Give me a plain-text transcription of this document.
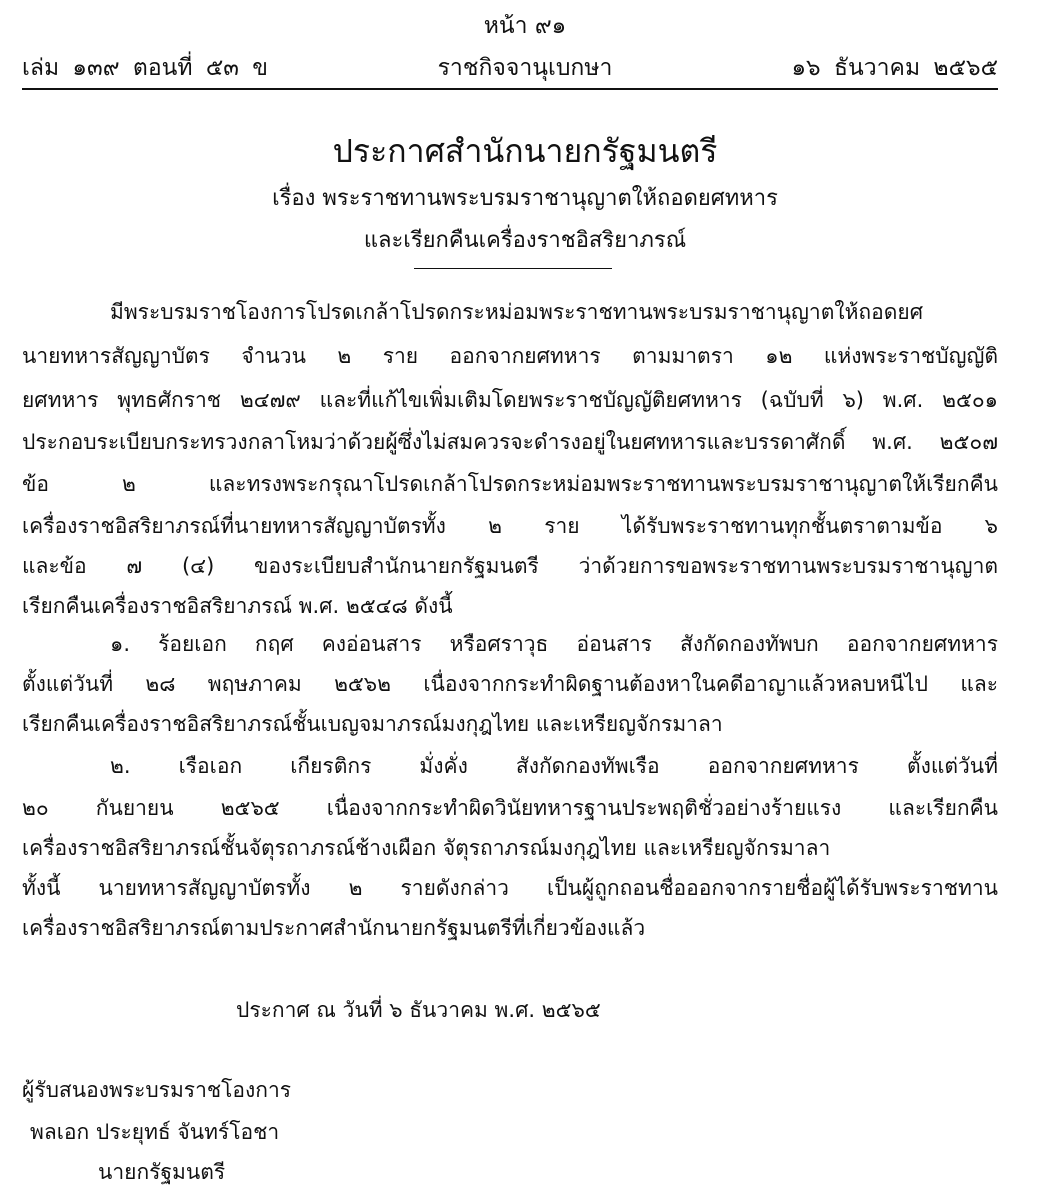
หน้า ๙๑
เล่ม ๑๓๙ ตอนที่ ๕๓ ข	ราชกิจจานุเบกษา	๑๖ ธันวาคม ๒๕๖๕
ประกาศสำนักนายกรัฐมนตรี
เรื่อง พระราชทานพระบรมราชานุญาตให้ถอดยศทหาร
และเรียกคืนเครื่องราชอิสริยาภรณ์
มีพระบรมราชโองการโปรดเกล้าโปรดกระหม่อมพระราชทานพระบรมราชานุญาตให้ถอดยศ
นายทหารสัญญาบัตร จำนวน ๒ ราย ออกจากยศทหาร ตามมาตรา ๑๒ แห่งพระราชบัญญัติ
ยศทหาร พุทธศักราช ๒๔๗๙ และที่แก้ไขเพิ่มเติมโดยพระราชบัญญัติยศทหาร (ฉบับที่ ๖) พ.ศ. ๒๕๐๑
ประกอบระเบียบกระทรวงกลาโหมว่าด้วยผู้ซึ่งไม่สมควรจะดำรงอยู่ในยศทหารและบรรดาศักดิ์ พ.ศ. ๒๕๐๗
ข้อ ๒ และทรงพระกรุณาโปรดเกล้าโปรดกระหม่อมพระราชทานพระบรมราชานุญาตให้เรียกคืน
เครื่องราชอิสริยาภรณ์ที่นายทหารสัญญาบัตรทั้ง ๒ ราย ได้รับพระราชทานทุกชั้นตราตามข้อ ๖
และข้อ ๗ (๔) ของระเบียบสำนักนายกรัฐมนตรี ว่าด้วยการขอพระราชทานพระบรมราชานุญาต
เรียกคืนเครื่องราชอิสริยาภรณ์ พ.ศ. ๒๕๔๘ ดังนี้
๑. ร้อยเอก กฤศ คงอ่อนสาร หรือศราวุธ อ่อนสาร สังกัดกองทัพบก ออกจากยศทหาร
ตั้งแต่วันที่ ๒๘ พฤษภาคม ๒๕๖๒ เนื่องจากกระทำผิดฐานต้องหาในคดีอาญาแล้วหลบหนีไป และ
เรียกคืนเครื่องราชอิสริยาภรณ์ชั้นเบญจมาภรณ์มงกุฎไทย และเหรียญจักรมาลา
๒. เรือเอก เกียรติกร มั่งคั่ง สังกัดกองทัพเรือ ออกจากยศทหาร ตั้งแต่วันที่
๒๐ กันยายน ๒๕๖๕ เนื่องจากกระทำผิดวินัยทหารฐานประพฤติชั่วอย่างร้ายแรง และเรียกคืน
เครื่องราชอิสริยาภรณ์ชั้นจัตุรถาภรณ์ช้างเผือก จัตุรถาภรณ์มงกุฎไทย และเหรียญจักรมาลา
ทั้งนี้ นายทหารสัญญาบัตรทั้ง ๒ รายดังกล่าว เป็นผู้ถูกถอนชื่อออกจากรายชื่อผู้ได้รับพระราชทาน
เครื่องราชอิสริยาภรณ์ตามประกาศสำนักนายกรัฐมนตรีที่เกี่ยวข้องแล้ว
ประกาศ ณ วันที่ ๖ ธันวาคม พ.ศ. ๒๕๖๕
ผู้รับสนองพระบรมราชโองการ
พลเอก ประยุทธ์ จันทร์โอชา
นายกรัฐมนตรี
